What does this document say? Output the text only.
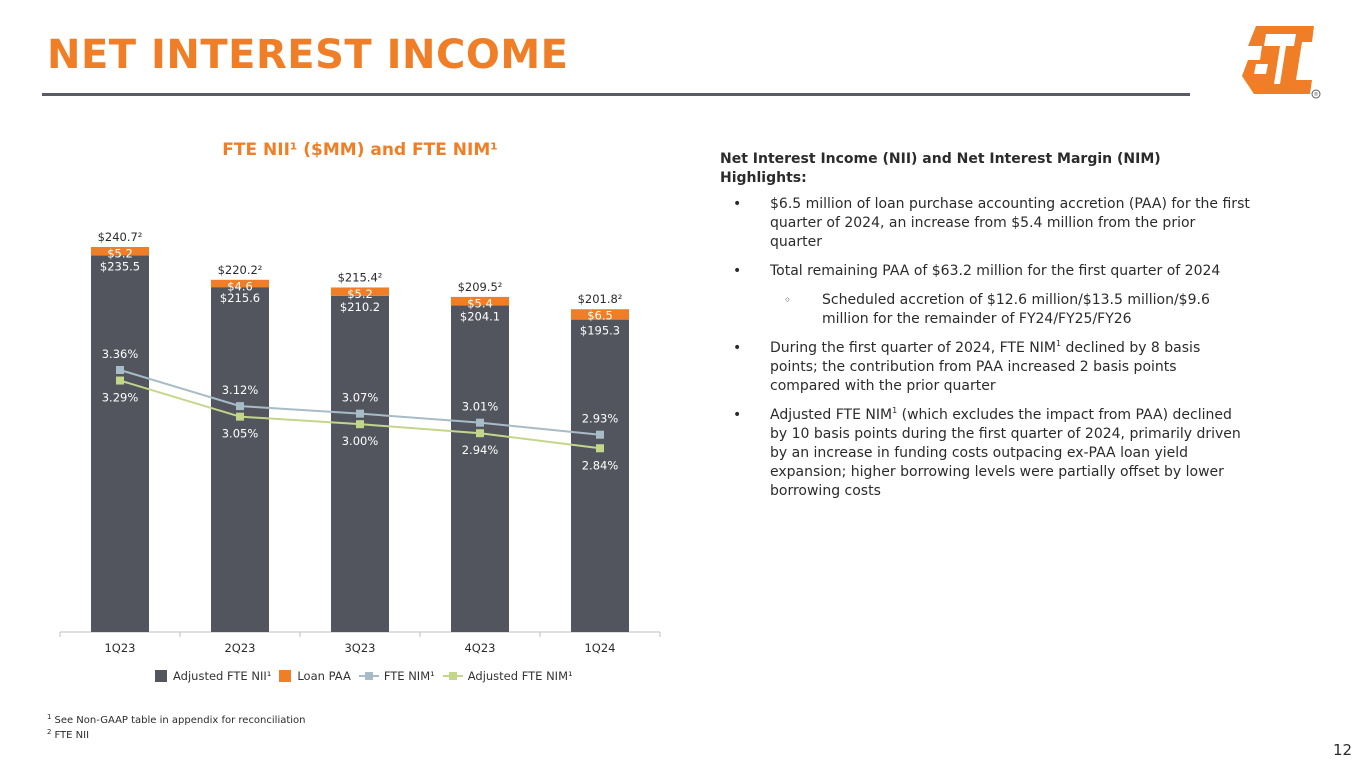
NET INTEREST INCOME
®
FTE NII¹ ($MM) and FTE NIM¹
$235.5
$5.2
$240.7²
1Q23
$215.6
$4.6
$220.2²
2Q23
$210.2
$5.2
$215.4²
3Q23
$204.1
$5.4
$209.5²
4Q23
$195.3
$6.5
$201.8²
1Q24
3.36%
3.12%
3.07%
3.01%
2.93%
3.29%
3.05%
3.00%
2.94%
2.84%
Adjusted FTE NII¹ Loan PAA	FTE NIM¹	Adjusted FTE NIM¹
Net Interest Income (NII) and Net Interest Margin (NIM) Highlights:
• $6.5 million of loan purchase accounting accretion (PAA) for the first quarter of 2024, an increase from $5.4 million from the prior quarter
• Total remaining PAA of $63.2 million for the first quarter of 2024
◦ Scheduled accretion of $12.6 million/$13.5 million/$9.6 million for the remainder of FY24/FY25/FY26
• During the first quarter of 2024, FTE NIM$^1$ declined by 8 basis points; the contribution from PAA increased 2 basis points compared with the prior quarter
• Adjusted FTE NIM$^1$ (which excludes the impact from PAA) declined by 10 basis points during the first quarter of 2024, primarily driven by an increase in funding costs outpacing ex-PAA loan yield expansion; higher borrowing levels were partially offset by lower borrowing costs
$^1$ See Non-GAAP table in appendix for reconciliation
$^2$ FTE NII
12
